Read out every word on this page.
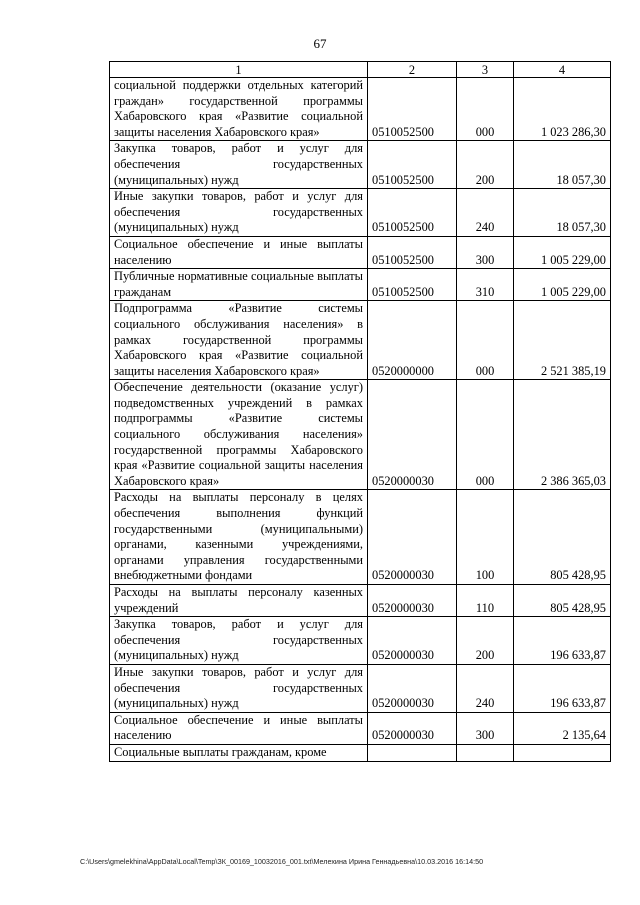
67
1	2	3	4
социальной поддержки отдельных категорий граждан» государственной программы Хабаровского края «Развитие социальной защиты населения Хабаровского края»	0510052500	000	1 023 286,30
Закупка товаров, работ и услуг для обеспечения государственных (муниципальных) нужд	0510052500	200	18 057,30
Иные закупки товаров, работ и услуг для обеспечения государственных (муниципальных) нужд	0510052500	240	18 057,30
Социальное обеспечение и иные выплаты населению	0510052500	300	1 005 229,00
Публичные нормативные социальные выплаты гражданам	0510052500	310	1 005 229,00
Подпрограмма «Развитие системы социального обслуживания населения» в рамках государственной программы Хабаровского края «Развитие социальной защиты населения Хабаровского края»	0520000000	000	2 521 385,19
Обеспечение деятельности (оказание услуг) подведомственных учреждений в рамках подпрограммы «Развитие системы социального обслуживания населения» государственной программы Хабаровского края «Развитие социальной защиты населения Хабаровского края»	0520000030	000	2 386 365,03
Расходы на выплаты персоналу в целях обеспечения выполнения функций государственными (муниципальными) органами, казенными учреждениями, органами управления государственными внебюджетными фондами	0520000030	100	805 428,95
Расходы на выплаты персоналу казенных учреждений	0520000030	110	805 428,95
Закупка товаров, работ и услуг для обеспечения государственных (муниципальных) нужд	0520000030	200	196 633,87
Иные закупки товаров, работ и услуг для обеспечения государственных (муниципальных) нужд	0520000030	240	196 633,87
Социальное обеспечение и иные выплаты населению	0520000030	300	2 135,64
Социальные выплаты гражданам, кроме			
C:\Users\gmelekhina\AppData\Local\Temp\ЗК_00169_10032016_001.txt\Мелехина Ирина Геннадьевна\10.03.2016 16:14:50
